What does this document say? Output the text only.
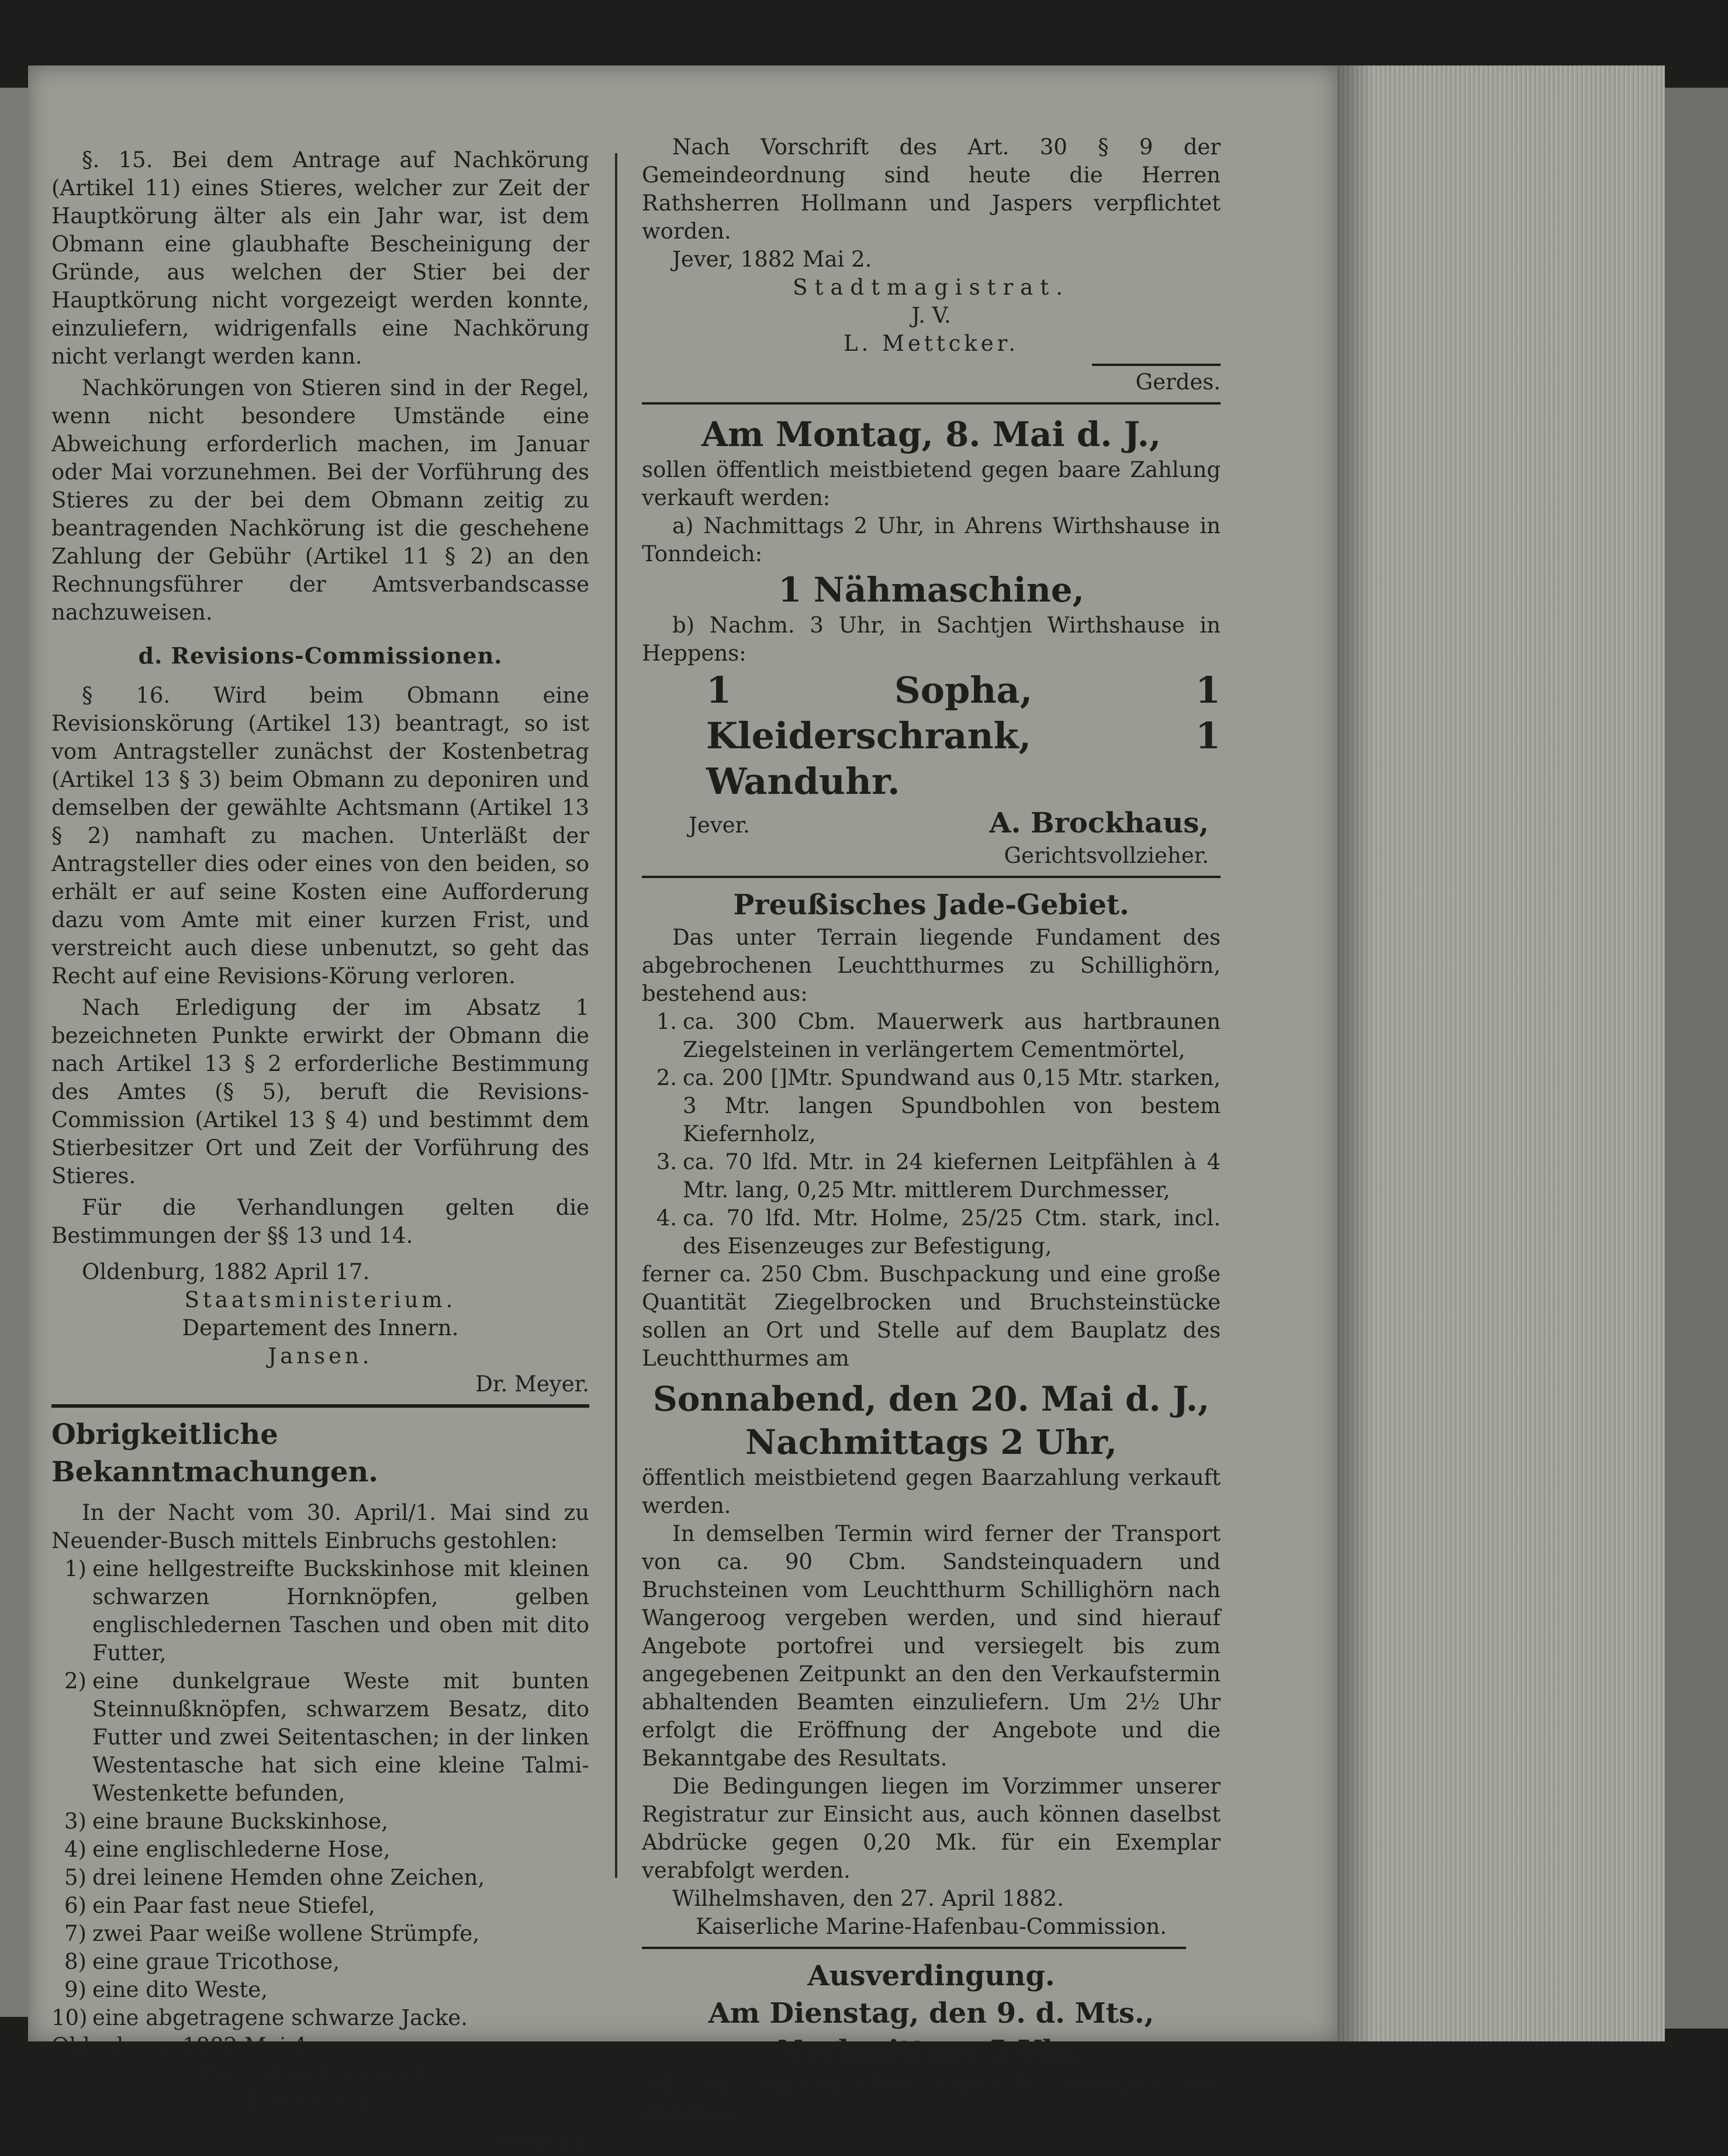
§. 15. Bei dem Antrage auf Nachkörung (Artikel 11) eines Stieres, welcher zur Zeit der Hauptkörung älter als ein Jahr war, ist dem Obmann eine glaubhafte Bescheinigung der Gründe, aus welchen der Stier bei der Hauptkörung nicht vorgezeigt werden konnte, einzuliefern, widrigenfalls eine Nachkörung nicht verlangt werden kann.

Nachkörungen von Stieren sind in der Regel, wenn nicht besondere Umstände eine Abweichung erforderlich machen, im Januar oder Mai vorzunehmen. Bei der Vorführung des Stieres zu der bei dem Obmann zeitig zu beantragenden Nachkörung ist die geschehene Zahlung der Gebühr (Artikel 11 § 2) an den Rechnungsführer der Amtsverbandscasse nachzuweisen.

d. Revisions-Commissionen.

§ 16. Wird beim Obmann eine Revisionskörung (Artikel 13) beantragt, so ist vom Antragsteller zunächst der Kostenbetrag (Artikel 13 § 3) beim Obmann zu deponiren und demselben der gewählte Achtsmann (Artikel 13 § 2) namhaft zu machen. Unterläßt der Antragsteller dies oder eines von den beiden, so erhält er auf seine Kosten eine Aufforderung dazu vom Amte mit einer kurzen Frist, und verstreicht auch diese unbenutzt, so geht das Recht auf eine Revisions-Körung verloren.

Nach Erledigung der im Absatz 1 bezeichneten Punkte erwirkt der Obmann die nach Artikel 13 § 2 erforderliche Bestimmung des Amtes (§ 5), beruft die Revisions-Commission (Artikel 13 § 4) und bestimmt dem Stierbesitzer Ort und Zeit der Vorführung des Stieres.

Für die Verhandlungen gelten die Bestimmungen der §§ 13 und 14.

Oldenburg, 1882 April 17.

Staatsministerium.

Departement des Innern.

Jansen.

Dr. Meyer.

Obrigkeitliche Bekanntmachungen.

In der Nacht vom 30. April/1. Mai sind zu Neuender-Busch mittels Einbruchs gestohlen:

1) eine hellgestreifte Buckskinhose mit kleinen schwarzen Hornknöpfen, gelben englischledernen Taschen und oben mit dito Futter,

2) eine dunkelgraue Weste mit bunten Steinnußknöpfen, schwarzem Besatz, dito Futter und zwei Seitentaschen; in der linken Westentasche hat sich eine kleine Talmi-Westenkette befunden,

3) eine braune Buckskinhose,

4) eine englischlederne Hose,

5) drei leinene Hemden ohne Zeichen,

6) ein Paar fast neue Stiefel,

7) zwei Paar weiße wollene Strümpfe,

8) eine graue Tricothose,

9) eine dito Weste,

10) eine abgetragene schwarze Jacke.

Oldenburg, 1882 Mai 4.

Der Staatsanwalt.

Deeken.

Westing.

Nach Vorschrift des Art. 30 § 9 der Gemeindeordnung sind heute die Herren Rathsherren Hollmann und Jaspers verpflichtet worden.

Jever, 1882 Mai 2.

Stadtmagistrat.

J. V.

L. Mettcker.

Gerdes.

Am Montag, 8. Mai d. J.,

sollen öffentlich meistbietend gegen baare Zahlung verkauft werden:

a) Nachmittags 2 Uhr, in Ahrens Wirthshause in Tonndeich:

1 Nähmaschine,

b) Nachm. 3 Uhr, in Sachtjen Wirthshause in Heppens:

1 Sopha, 1 Kleiderschrank, 1 Wanduhr.

Jever.	A. Brockhaus,

Gerichtsvollzieher.

Preußisches Jade-Gebiet.

Das unter Terrain liegende Fundament des abgebrochenen Leuchtthurmes zu Schillighörn, bestehend aus:

1. ca. 300 Cbm. Mauerwerk aus hartbraunen Ziegelsteinen in verlängertem Cementmörtel,

2. ca. 200 []Mtr. Spundwand aus 0,15 Mtr. starken, 3 Mtr. langen Spundbohlen von bestem Kiefernholz,

3. ca. 70 lfd. Mtr. in 24 kiefernen Leitpfählen à 4 Mtr. lang, 0,25 Mtr. mittlerem Durchmesser,

4. ca. 70 lfd. Mtr. Holme, 25/25 Ctm. stark, incl. des Eisenzeuges zur Befestigung,

ferner ca. 250 Cbm. Buschpackung und eine große Quantität Ziegelbrocken und Bruchsteinstücke sollen an Ort und Stelle auf dem Bauplatz des Leuchtthurmes am

Sonnabend, den 20. Mai d. J.,

Nachmittags 2 Uhr,

öffentlich meistbietend gegen Baarzahlung verkauft werden.

In demselben Termin wird ferner der Transport von ca. 90 Cbm. Sandsteinquadern und Bruchsteinen vom Leuchtthurm Schillighörn nach Wangeroog vergeben werden, und sind hierauf Angebote portofrei und versiegelt bis zum angegebenen Zeitpunkt an den den Verkaufstermin abhaltenden Beamten einzuliefern. Um 2½ Uhr erfolgt die Eröffnung der Angebote und die Bekanntgabe des Resultats.

Die Bedingungen liegen im Vorzimmer unserer Registratur zur Einsicht aus, auch können daselbst Abdrücke gegen 0,20 Mk. für ein Exemplar verabfolgt werden.

Wilhelmshaven, den 27. April 1882.

Kaiserliche Marine-Hafenbau-Commission.

Ausverdingung.

Am Dienstag, den 9. d. Mts.,

Nachmittags 5 Uhr,

soll im Janssen'schen Gasthofe hieselbst der Abbruch
